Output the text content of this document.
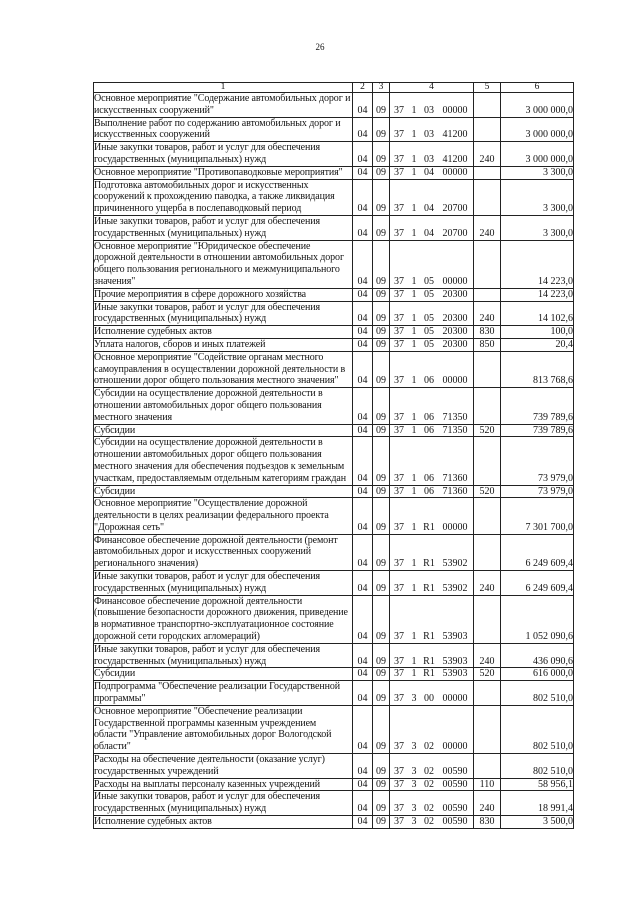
26
1	2	3	4	5	6
Основное мероприятие "Содержание автомобильных дорог и
искусственных сооружений"	04	09	37 1 03 00000		3 000 000,0
Выполнение работ по содержанию автомобильных дорог и
искусственных сооружений	04	09	37 1 03 41200		3 000 000,0
Иные закупки товаров, работ и услуг для обеспечения
государственных (муниципальных) нужд	04	09	37 1 03 41200	240	3 000 000,0
Основное мероприятие "Противопаводковые мероприятия"	04	09	37 1 04 00000		3 300,0
Подготовка автомобильных дорог и искусственных
сооружений к прохождению паводка, а также ликвидация
причиненного ущерба в послепаводковый период	04	09	37 1 04 20700		3 300,0
Иные закупки товаров, работ и услуг для обеспечения
государственных (муниципальных) нужд	04	09	37 1 04 20700	240	3 300,0
Основное мероприятие "Юридическое обеспечение
дорожной деятельности в отношении автомобильных дорог
общего пользования регионального и межмуниципального
значения"	04	09	37 1 05 00000		14 223,0
Прочие мероприятия в сфере дорожного хозяйства	04	09	37 1 05 20300		14 223,0
Иные закупки товаров, работ и услуг для обеспечения
государственных (муниципальных) нужд	04	09	37 1 05 20300	240	14 102,6
Исполнение судебных актов	04	09	37 1 05 20300	830	100,0
Уплата налогов, сборов и иных платежей	04	09	37 1 05 20300	850	20,4
Основное мероприятие "Содействие органам местного
самоуправления в осуществлении дорожной деятельности в
отношении дорог общего пользования местного значения"	04	09	37 1 06 00000		813 768,6
Субсидии на осуществление дорожной деятельности в
отношении автомобильных дорог общего пользования
местного значения	04	09	37 1 06 71350		739 789,6
Субсидии	04	09	37 1 06 71350	520	739 789,6
Субсидии на осуществление дорожной деятельности в
отношении автомобильных дорог общего пользования
местного значения для обеспечения подъездов к земельным
участкам, предоставляемым отдельным категориям граждан	04	09	37 1 06 71360		73 979,0
Субсидии	04	09	37 1 06 71360	520	73 979,0
Основное мероприятие "Осуществление дорожной
деятельности в целях реализации федерального проекта
"Дорожная сеть"	04	09	37 1 R1 00000		7 301 700,0
Финансовое обеспечение дорожной деятельности (ремонт
автомобильных дорог и искусственных сооружений
регионального значения)	04	09	37 1 R1 53902		6 249 609,4
Иные закупки товаров, работ и услуг для обеспечения
государственных (муниципальных) нужд	04	09	37 1 R1 53902	240	6 249 609,4
Финансовое обеспечение дорожной деятельности
(повышение безопасности дорожного движения, приведение
в нормативное транспортно-эксплуатационное состояние
дорожной сети городских агломераций)	04	09	37 1 R1 53903		1 052 090,6
Иные закупки товаров, работ и услуг для обеспечения
государственных (муниципальных) нужд	04	09	37 1 R1 53903	240	436 090,6
Субсидии	04	09	37 1 R1 53903	520	616 000,0
Подпрограмма "Обеспечение реализации Государственной
программы"	04	09	37 3 00 00000		802 510,0
Основное мероприятие "Обеспечение реализации
Государственной программы казенным учреждением
области "Управление автомобильных дорог Вологодской
области"	04	09	37 3 02 00000		802 510,0
Расходы на обеспечение деятельности (оказание услуг)
государственных учреждений	04	09	37 3 02 00590		802 510,0
Расходы на выплаты персоналу казенных учреждений	04	09	37 3 02 00590	110	58 956,1
Иные закупки товаров, работ и услуг для обеспечения
государственных (муниципальных) нужд	04	09	37 3 02 00590	240	18 991,4
Исполнение судебных актов	04	09	37 3 02 00590	830	3 500,0
